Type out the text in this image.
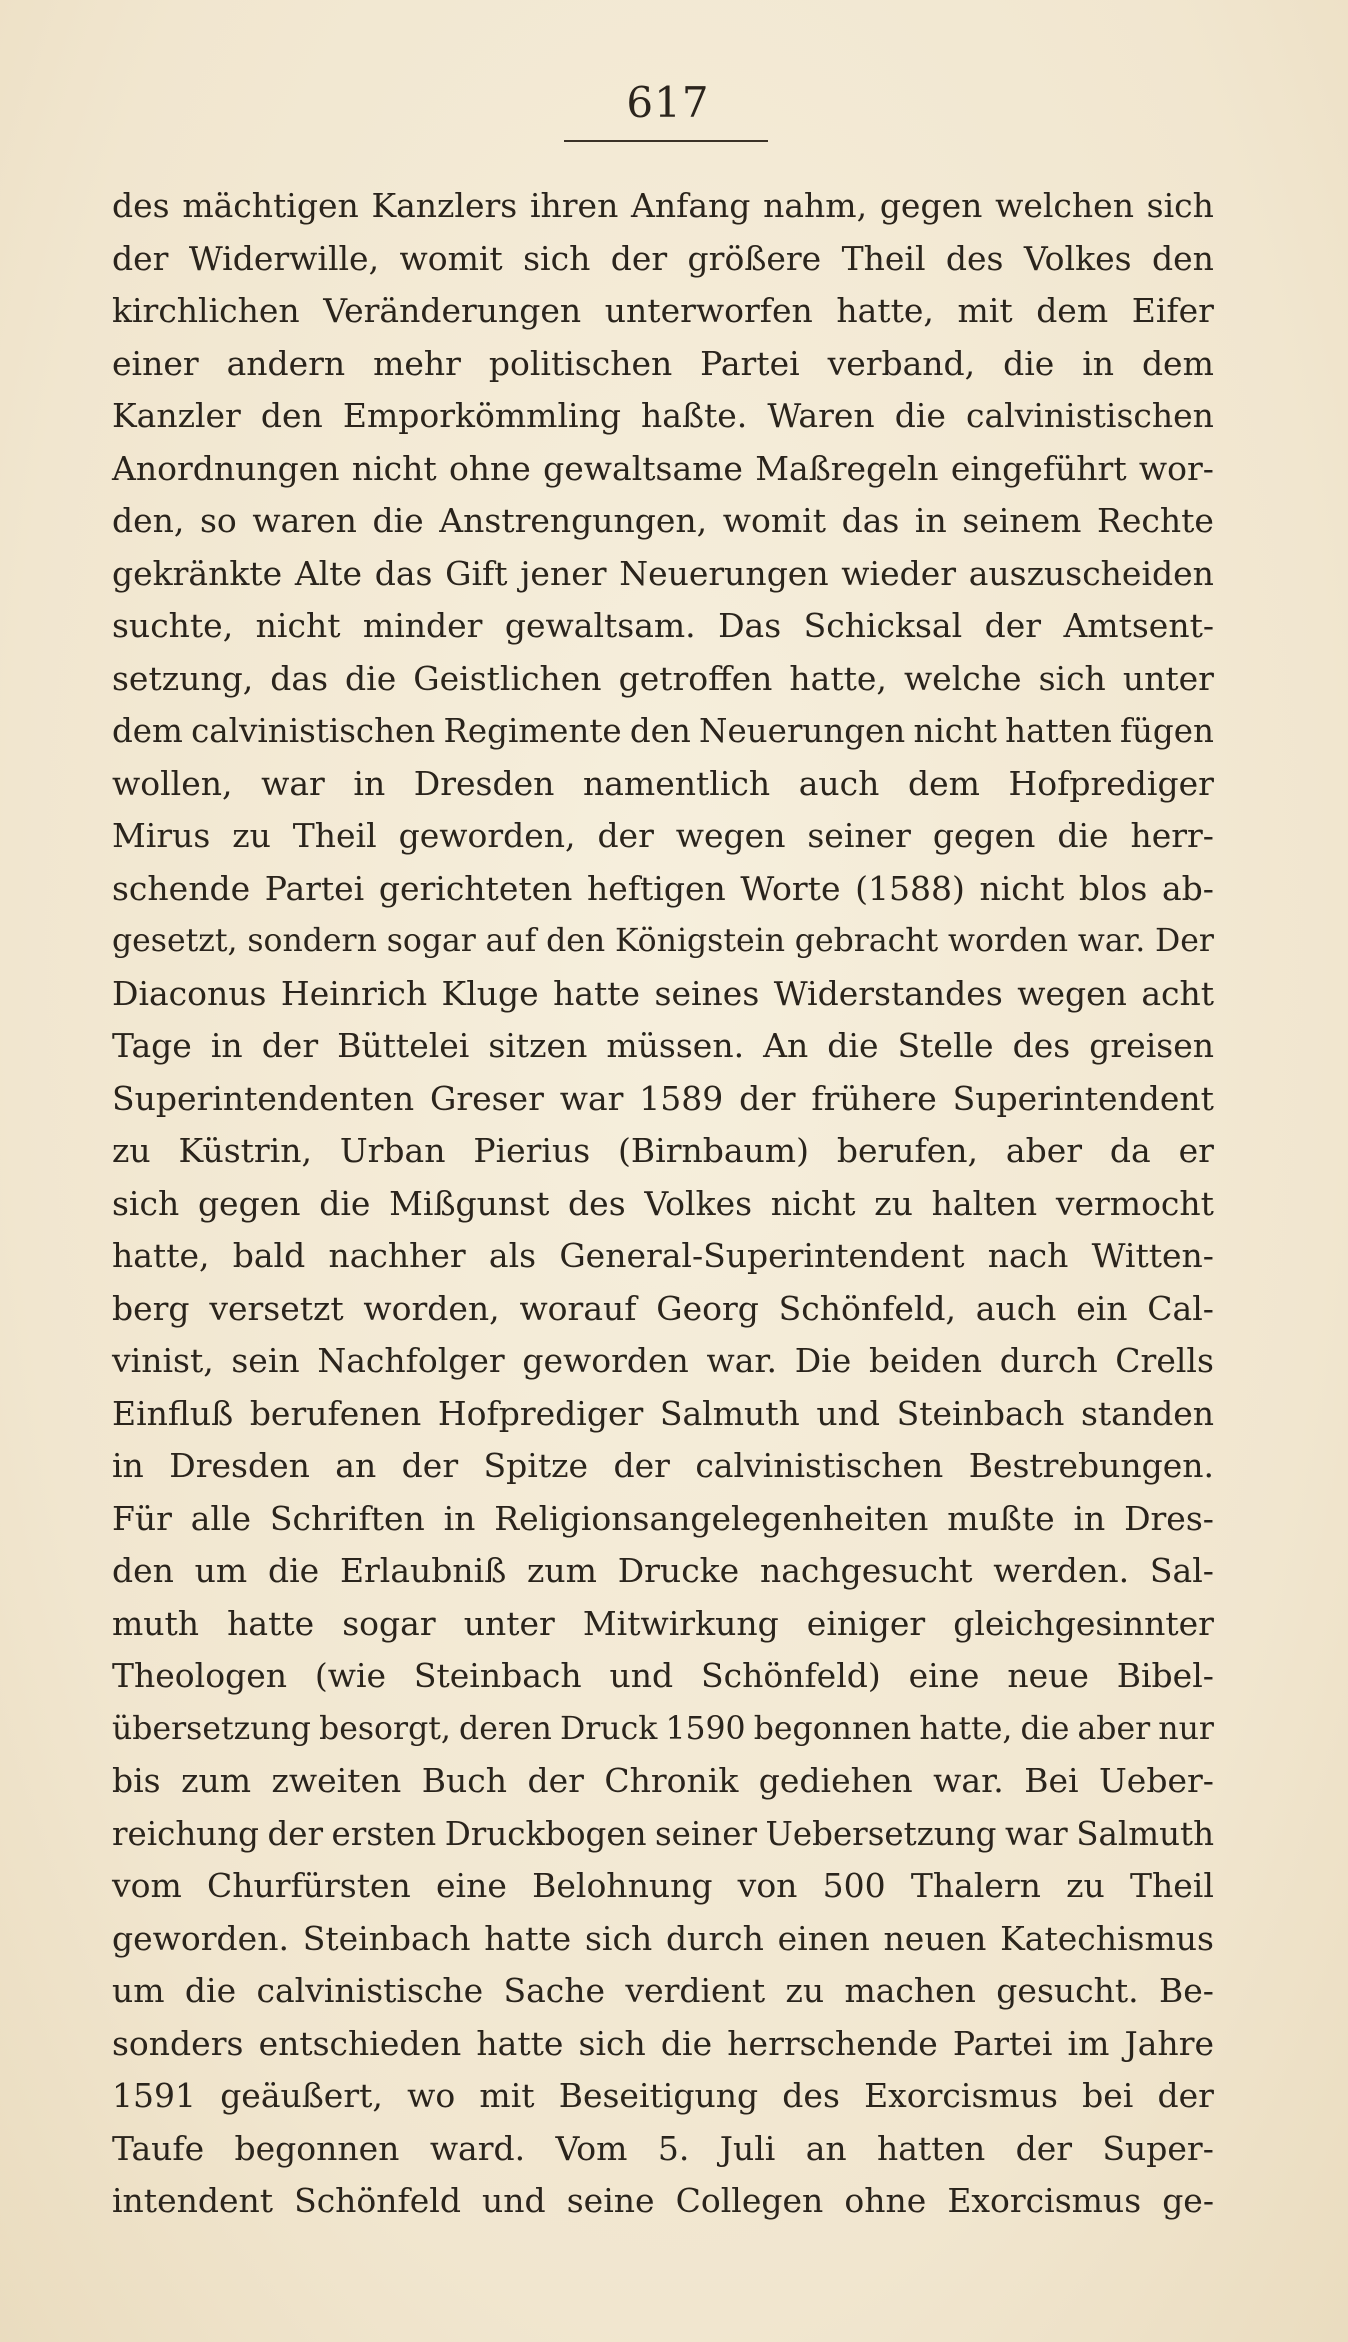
617
des mächtigen Kanzlers ihren Anfang nahm, gegen welchen sich
der Widerwille, womit sich der größere Theil des Volkes den
kirchlichen Veränderungen unterworfen hatte, mit dem Eifer
einer andern mehr politischen Partei verband, die in dem
Kanzler den Emporkömmling haßte. Waren die calvinistischen
Anordnungen nicht ohne gewaltsame Maßregeln eingeführt wor-
den, so waren die Anstrengungen, womit das in seinem Rechte
gekränkte Alte das Gift jener Neuerungen wieder auszuscheiden
suchte, nicht minder gewaltsam. Das Schicksal der Amtsent-
setzung, das die Geistlichen getroffen hatte, welche sich unter
dem calvinistischen Regimente den Neuerungen nicht hatten fügen
wollen, war in Dresden namentlich auch dem Hofprediger
Mirus zu Theil geworden, der wegen seiner gegen die herr-
schende Partei gerichteten heftigen Worte (1588) nicht blos ab-
gesetzt, sondern sogar auf den Königstein gebracht worden war. Der
Diaconus Heinrich Kluge hatte seines Widerstandes wegen acht
Tage in der Büttelei sitzen müssen. An die Stelle des greisen
Superintendenten Greser war 1589 der frühere Superintendent
zu Küstrin, Urban Pierius (Birnbaum) berufen, aber da er
sich gegen die Mißgunst des Volkes nicht zu halten vermocht
hatte, bald nachher als General-Superintendent nach Witten-
berg versetzt worden, worauf Georg Schönfeld, auch ein Cal-
vinist, sein Nachfolger geworden war. Die beiden durch Crells
Einfluß berufenen Hofprediger Salmuth und Steinbach standen
in Dresden an der Spitze der calvinistischen Bestrebungen.
Für alle Schriften in Religionsangelegenheiten mußte in Dres-
den um die Erlaubniß zum Drucke nachgesucht werden. Sal-
muth hatte sogar unter Mitwirkung einiger gleichgesinnter
Theologen (wie Steinbach und Schönfeld) eine neue Bibel-
übersetzung besorgt, deren Druck 1590 begonnen hatte, die aber nur
bis zum zweiten Buch der Chronik gediehen war. Bei Ueber-
reichung der ersten Druckbogen seiner Uebersetzung war Salmuth
vom Churfürsten eine Belohnung von 500 Thalern zu Theil
geworden. Steinbach hatte sich durch einen neuen Katechismus
um die calvinistische Sache verdient zu machen gesucht. Be-
sonders entschieden hatte sich die herrschende Partei im Jahre
1591 geäußert, wo mit Beseitigung des Exorcismus bei der
Taufe begonnen ward. Vom 5. Juli an hatten der Super-
intendent Schönfeld und seine Collegen ohne Exorcismus ge-
